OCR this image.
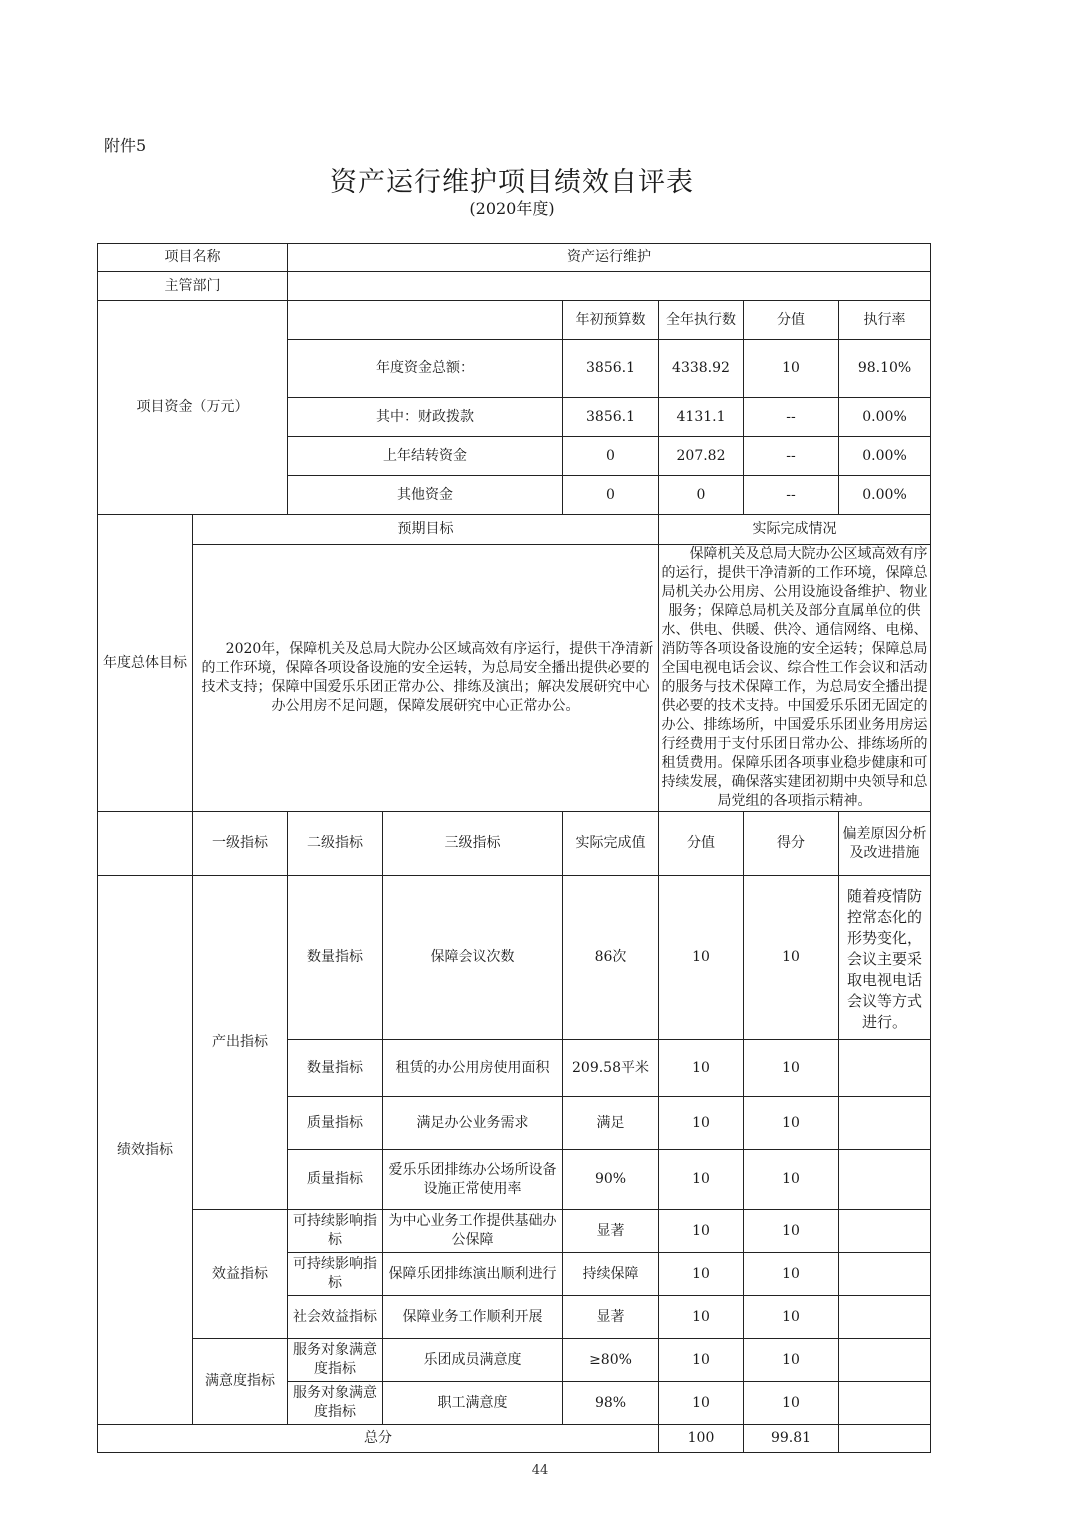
附件5
资产运行维护项目绩效自评表
(2020年度)
项目名称		资产运行维护						
主管部门								
项目资金（万元）				年初预算数	全年执行数	分值	执行率	
		年度资金总额：		3856.1	4338.92	10	98.10%	
		其中：财政拨款		3856.1	4131.1	--	0.00%	
		上年结转资金		0	207.82	--	0.00%	
		其他资金		0	0	--	0.00%	
年度总体目标	预期目标				实际完成情况			

	2020年，保障机关及总局大院办公区域高效有序运行，提供干净清新的工作环境，保障各项设备设施的安全运转，为总局安全播出提供必要的技术支持；保障中国爱乐乐团正常办公、排练及演出；解决发展研究中心办公用房不足问题，保障发展研究中心正常办公。				保障机关及总局大院办公区域高效有序的运行，提供干净清新的工作环境，保障总局机关办公用房、公用设施设备维护、物业服务；保障总局机关及部分直属单位的供水、供电、供暖、供冷、通信网络、电梯、消防等各项设备设施的安全运转；保障总局全国电视电话会议、综合性工作会议和活动的服务与技术保障工作，为总局安全播出提供必要的技术支持。中国爱乐乐团无固定的办公、排练场所，中国爱乐乐团业务用房运行经费用于支付乐团日常办公、排练场所的租赁费用。保障乐团各项事业稳步健康和可持续发展，确保落实建团初期中央领导和总局党组的各项指示精神。			

	一级指标	二级指标	三级指标	实际完成值	分值	得分	偏差原因分析及改进措施	
绩效指标	产出指标	数量指标	保障会议次数	86次	10	10	随着疫情防控常态化的形势变化，会议主要采取电视电话会议等方式进行。	
		数量指标	租赁的办公用房使用面积	209.58平米	10	10		
		质量指标	满足办公业务需求	满足	10	10		
		质量指标	爱乐乐团排练办公场所设备设施正常使用率	90%	10	10		
	效益指标	可持续影响指标	为中心业务工作提供基础办公保障	显著	10	10		
		可持续影响指标	保障乐团排练演出顺利进行	持续保障	10	10		
		社会效益指标	保障业务工作顺利开展	显著	10	10		
	满意度指标	服务对象满意度指标	乐团成员满意度	≥80%	10	10		
		服务对象满意度指标	职工满意度	98%	10	10		
总分					100	99.81		
44
